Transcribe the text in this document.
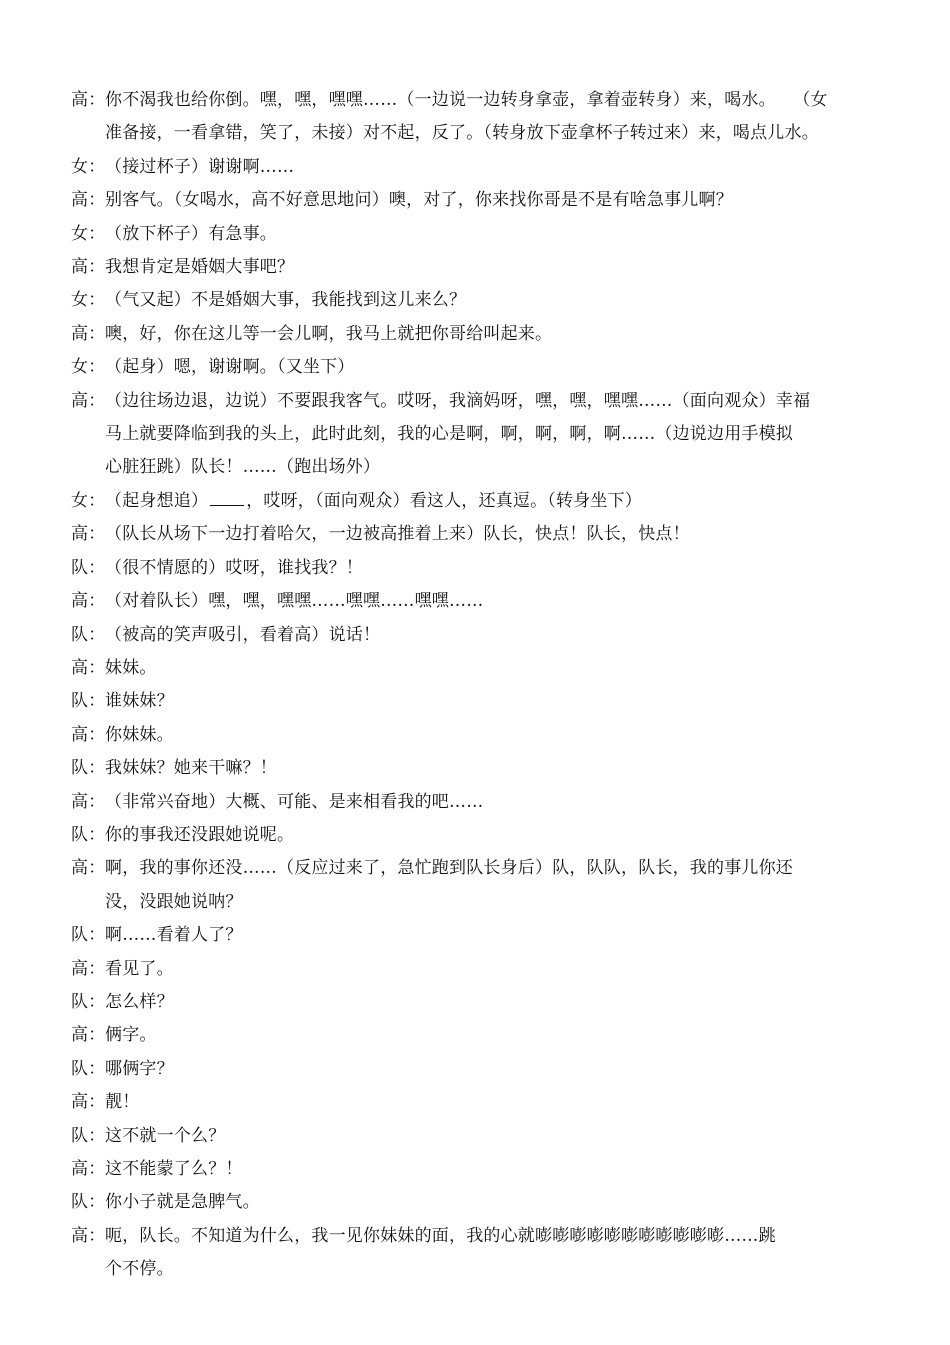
高：你不渴我也给你倒。嘿，嘿，嘿嘿……（一边说一边转身拿壶，拿着壶转身）来，喝水。　　（女
准备接，一看拿错，笑了，未接）对不起，反了。（转身放下壶拿杯子转过来）来，喝点儿水。
女：（接过杯子）谢谢啊……
高：别客气。（女喝水，高不好意思地问）噢，对了，你来找你哥是不是有啥急事儿啊？
女：（放下杯子）有急事。
高：我想肯定是婚姻大事吧？
女：（气又起）不是婚姻大事，我能找到这儿来么？
高：噢，好，你在这儿等一会儿啊，我马上就把你哥给叫起来。
女：（起身）嗯，谢谢啊。（又坐下）
高：（边往场边退，边说）不要跟我客气。哎呀，我滴妈呀，嘿，嘿，嘿嘿……（面向观众）幸福
马上就要降临到我的头上，此时此刻，我的心是啊，啊，啊，啊，啊……（边说边用手模拟
心脏狂跳）队长！……（跑出场外）
女：（起身想追） ，哎呀，（面向观众）看这人，还真逗。（转身坐下）
高：（队长从场下一边打着哈欠，一边被高推着上来）队长，快点！队长，快点！
队：（很不情愿的）哎呀，谁找我？！
高：（对着队长）嘿，嘿，嘿嘿……嘿嘿……嘿嘿……
队：（被高的笑声吸引，看着高）说话！
高：妹妹。
队：谁妹妹？
高：你妹妹。
队：我妹妹？她来干嘛？！
高：（非常兴奋地）大概、可能、是来相看我的吧……
队：你的事我还没跟她说呢。
高：啊，我的事你还没……（反应过来了，急忙跑到队长身后）队，队队，队长，我的事儿你还
没，没跟她说呐？
队：啊……看着人了？
高：看见了。
队：怎么样？
高：俩字。
队：哪俩字？
高：靓！
队：这不就一个么？
高：这不能蒙了么？！
队：你小子就是急脾气。
高：呃，队长。不知道为什么，我一见你妹妹的面，我的心就嘭嘭嘭嘭嘭嘭嘭嘭嘭嘭嘭……跳
个不停。
